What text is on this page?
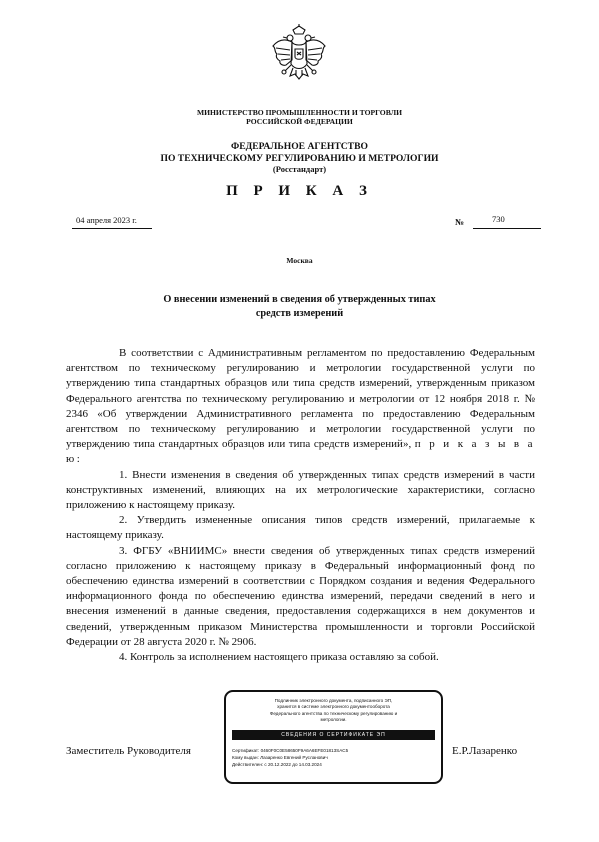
МИНИСТЕРСТВО ПРОМЫШЛЕННОСТИ И ТОРГОВЛИ
РОССИЙСКОЙ ФЕДЕРАЦИИ
ФЕДЕРАЛЬНОЕ АГЕНТСТВО
ПО ТЕХНИЧЕСКОМУ РЕГУЛИРОВАНИЮ И МЕТРОЛОГИИ
(Росстандарт)
П Р И К А З
04 апреля 2023 г.	№	730
Москва
О внесении изменений в сведения об утвержденных типах
средств измерений

В соответствии с Административным регламентом по предоставлению Федеральным агентством по техническому регулированию и метрологии государственной услуги по утверждению типа стандартных образцов или типа средств измерений, утвержденным приказом Федерального агентства по техническому регулированию и метрологии от 12 ноября 2018 г. № 2346 «Об утверждении Административного регламента по предоставлению Федеральным агентством по техническому регулированию и метрологии государственной услуги по утверждению типа стандартных образцов или типа средств измерений», п р и к а з ы в а ю:

1. Внести изменения в сведения об утвержденных типах средств измерений в части конструктивных изменений, влияющих на их метрологические характеристики, согласно приложению к настоящему приказу.

2. Утвердить измененные описания типов средств измерений, прилагаемые к настоящему приказу.

3. ФГБУ «ВНИИМС» внести сведения об утвержденных типах средств измерений согласно приложению к настоящему приказу в Федеральный информационный фонд по обеспечению единства измерений в соответствии с Порядком создания и ведения Федерального информационного фонда по обеспечению единства измерений, передачи сведений в него и внесения изменений в данные сведения, предоставления содержащихся в нем документов и сведений, утвержденным приказом Министерства промышленности и торговли Российской Федерации от 28 августа 2020 г. № 2906.

4. Контроль за исполнением настоящего приказа оставляю за собой.

Заместитель Руководителя	Е.Р.Лазаренко
Подлинник электронного документа, подписанного ЭП,
хранится в системе электронного документооборота
Федерального агентства по техническому регулированию и
метрологии.
СВЕДЕНИЯ О СЕРТИФИКАТЕ ЭП
Сертификат: 0460F0C0E58650F9A6A6EFE01813SAC5
Кому выдан: Лазаренко Евгений Русланович
Действителен: с 20.12.2022 до 14.03.2024
